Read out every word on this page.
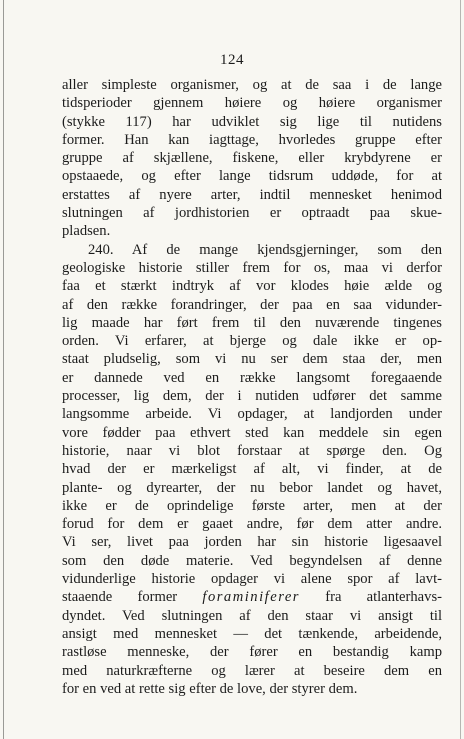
124
aller simpleste organismer, og at de saa i de lange
tidsperioder gjennem høiere og høiere organismer
(stykke 117) har udviklet sig lige til nutidens
former. Han kan iagttage, hvorledes gruppe efter
gruppe af skjællene, fiskene, eller krybdyrene er
opstaaede, og efter lange tidsrum uddøde, for at
erstattes af nyere arter, indtil mennesket henimod
slutningen af jordhistorien er optraadt paa skue-
pladsen.
240. Af de mange kjendsgjerninger, som den
geologiske historie stiller frem for os, maa vi derfor
faa et stærkt indtryk af vor klodes høie ælde og
af den række forandringer, der paa en saa vidunder-
lig maade har ført frem til den nuværende tingenes
orden. Vi erfarer, at bjerge og dale ikke er op-
staat pludselig, som vi nu ser dem staa der, men
er dannede ved en række langsomt foregaaende
processer, lig dem, der i nutiden udfører det samme
langsomme arbeide. Vi opdager, at landjorden under
vore fødder paa ethvert sted kan meddele sin egen
historie, naar vi blot forstaar at spørge den. Og
hvad der er mærkeligst af alt, vi finder, at de
plante- og dyrearter, der nu bebor landet og havet,
ikke er de oprindelige første arter, men at der
forud for dem er gaaet andre, før dem atter andre.
Vi ser, livet paa jorden har sin historie ligesaavel
som den døde materie. Ved begyndelsen af denne
vidunderlige historie opdager vi alene spor af lavt-
staaende former foraminiferer fra atlanterhavs-
dyndet. Ved slutningen af den staar vi ansigt til
ansigt med mennesket — det tænkende, arbeidende,
rastløse menneske, der fører en bestandig kamp
med naturkræfterne og lærer at beseire dem en
for en ved at rette sig efter de love, der styrer dem.
